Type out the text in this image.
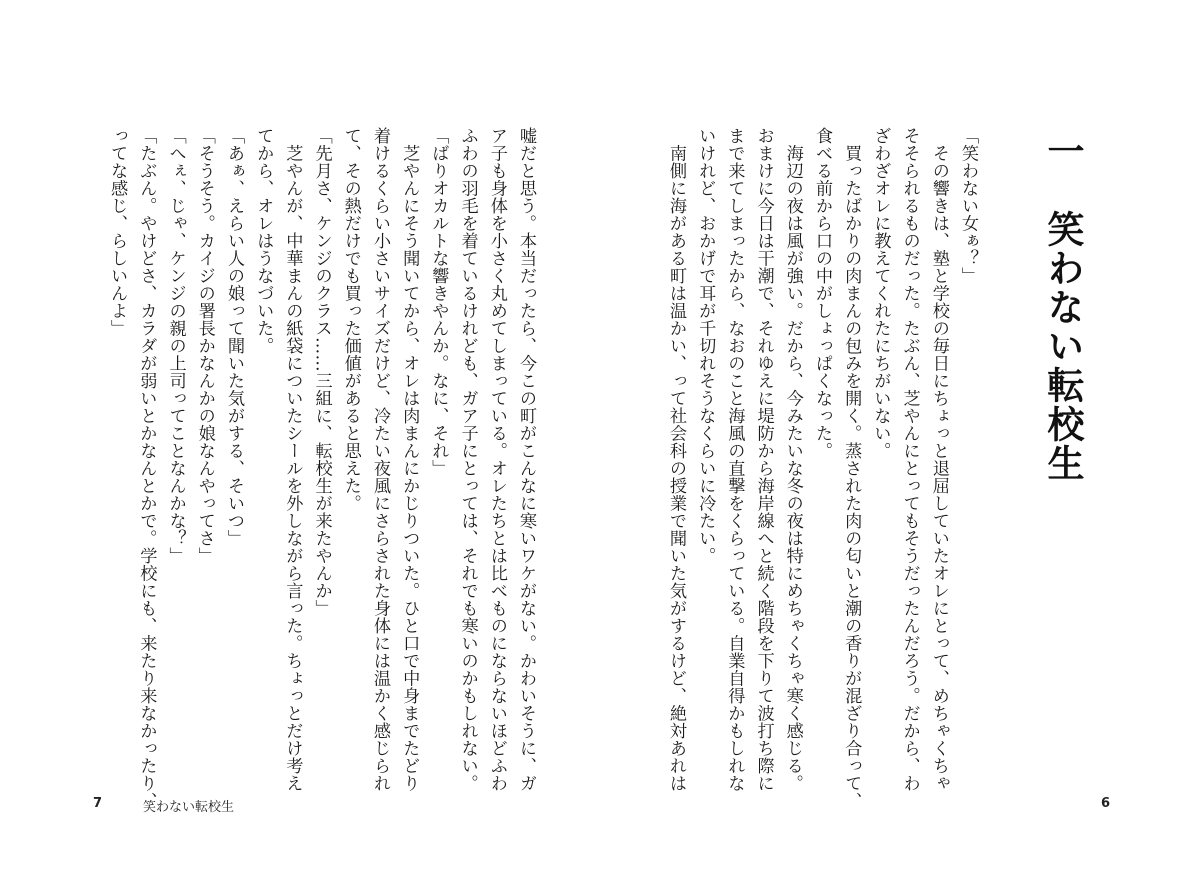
一　笑わない転校生

「笑わない女ぁ？」

　その響きは、塾と学校の毎日にちょっと退屈していたオレにとって、めちゃくちゃ

そそられるものだった。たぶん、芝やんにとってもそうだったんだろう。だから、わ

ざわざオレに教えてくれたにちがいない。

　買ったばかりの肉まんの包みを開く。蒸された肉の匂いと潮の香りが混ざり合って、

食べる前から口の中がしょっぱくなった。

　海辺の夜は風が強い。だから、今みたいな冬の夜は特にめちゃくちゃ寒く感じる。

おまけに今日は干潮で、それゆえに堤防から海岸線へと続く階段を下りて波打ち際に

まで来てしまったから、なおのこと海風の直撃をくらっている。自業自得かもしれな

いけれど、おかげで耳が千切れそうなくらいに冷たい。

　南側に海がある町は温かい、って社会科の授業で聞いた気がするけど、絶対あれは

嘘だと思う。本当だったら、今この町がこんなに寒いワケがない。かわいそうに、ガ

ア子も身体を小さく丸めてしまっている。オレたちとは比べものにならないほどふわ

ふわの羽毛を着ているけれども、ガア子にとっては、それでも寒いのかもしれない。

「ばりオカルトな響きやんか。なに、それ」

　芝やんにそう聞いてから、オレは肉まんにかじりついた。ひと口で中身までたどり

着けるくらい小さいサイズだけど、冷たい夜風にさらされた身体には温かく感じられ

て、その熱だけでも買った価値があると思えた。

「先月さ、ケンジのクラス……三組に、転校生が来たやんか」

　芝やんが、中華まんの紙袋についたシールを外しながら言った。ちょっとだけ考え

てから、オレはうなづいた。

「あぁ、えらい人の娘って聞いた気がする、そいつ」

「そうそう。カイジの署長かなんかの娘なんやってさ」

「へぇ、じゃ、ケンジの親の上司ってことなんかな？」

「たぶん。やけどさ、カラダが弱いとかなんとかで。学校にも、来たり来なかったり、

ってな感じ、らしいんよ」

7	笑わない転校生	6
